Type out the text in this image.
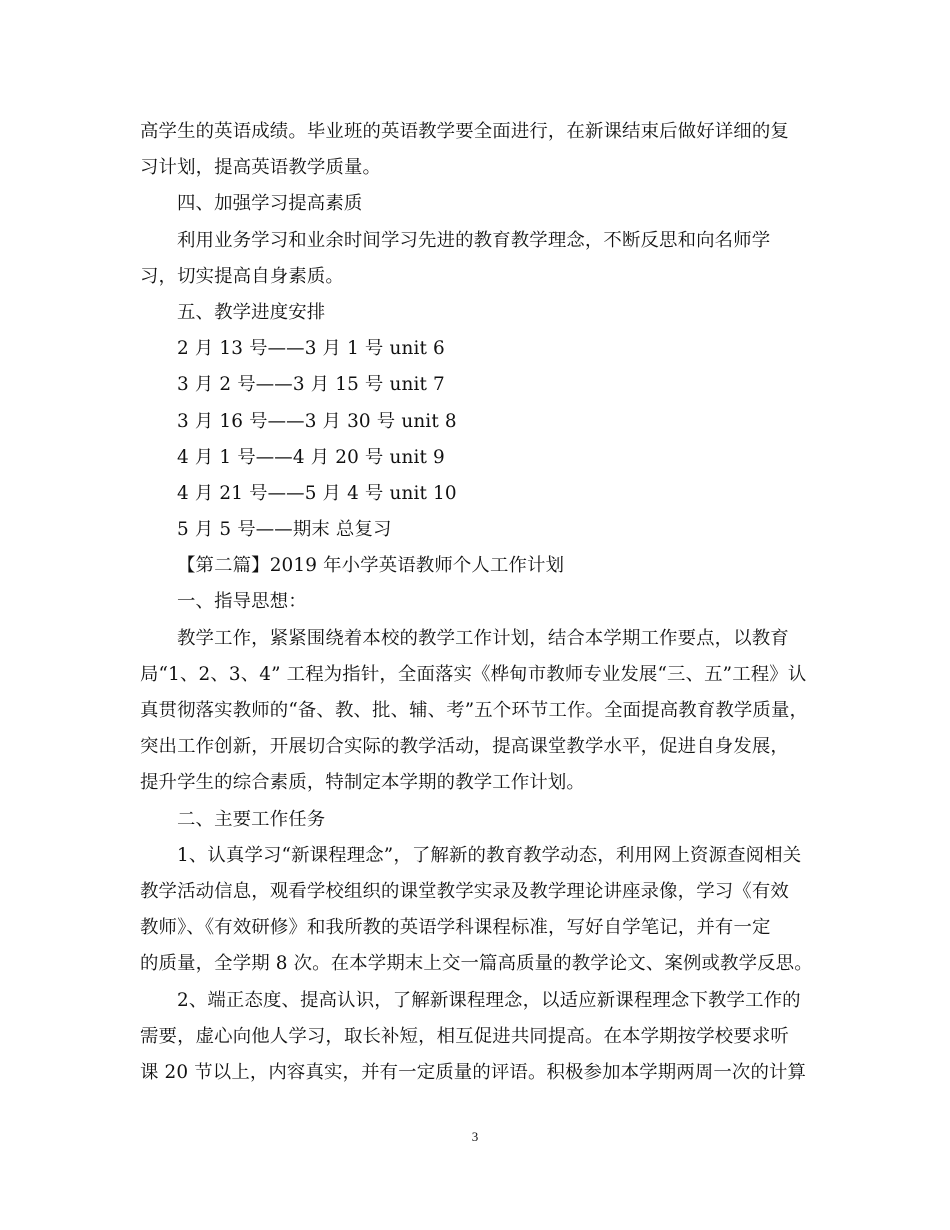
高学生的英语成绩。毕业班的英语教学要全面进行，在新课结束后做好详细的复
习计划，提高英语教学质量。
四、加强学习提高素质
利用业务学习和业余时间学习先进的教育教学理念，不断反思和向名师学
习，切实提高自身素质。
五、教学进度安排
2 月 13 号——3 月 1 号 unit 6
3 月 2 号——3 月 15 号 unit 7
3 月 16 号——3 月 30 号 unit 8
4 月 1 号——4 月 20 号 unit 9
4 月 21 号——5 月 4 号 unit 10
5 月 5 号——期末 总复习
【第二篇】2019 年小学英语教师个人工作计划
一、指导思想：
教学工作，紧紧围绕着本校的教学工作计划，结合本学期工作要点，以教育
局“1、2、3、4” 工程为指针，全面落实《桦甸市教师专业发展“三、五”工程》认
真贯彻落实教师的“备、教、批、辅、考”五个环节工作。全面提高教育教学质量，
突出工作创新，开展切合实际的教学活动，提高课堂教学水平，促进自身发展，
提升学生的综合素质，特制定本学期的教学工作计划。
二、主要工作任务
1、认真学习“新课程理念”，了解新的教育教学动态，利用网上资源查阅相关
教学活动信息，观看学校组织的课堂教学实录及教学理论讲座录像，学习《有效
教师》、《有效研修》和我所教的英语学科课程标准，写好自学笔记，并有一定
的质量，全学期 8 次。在本学期末上交一篇高质量的教学论文、案例或教学反思。
2、端正态度、提高认识，了解新课程理念，以适应新课程理念下教学工作的
需要，虚心向他人学习，取长补短，相互促进共同提高。在本学期按学校要求听
课 20 节以上，内容真实，并有一定质量的评语。积极参加本学期两周一次的计算
3
